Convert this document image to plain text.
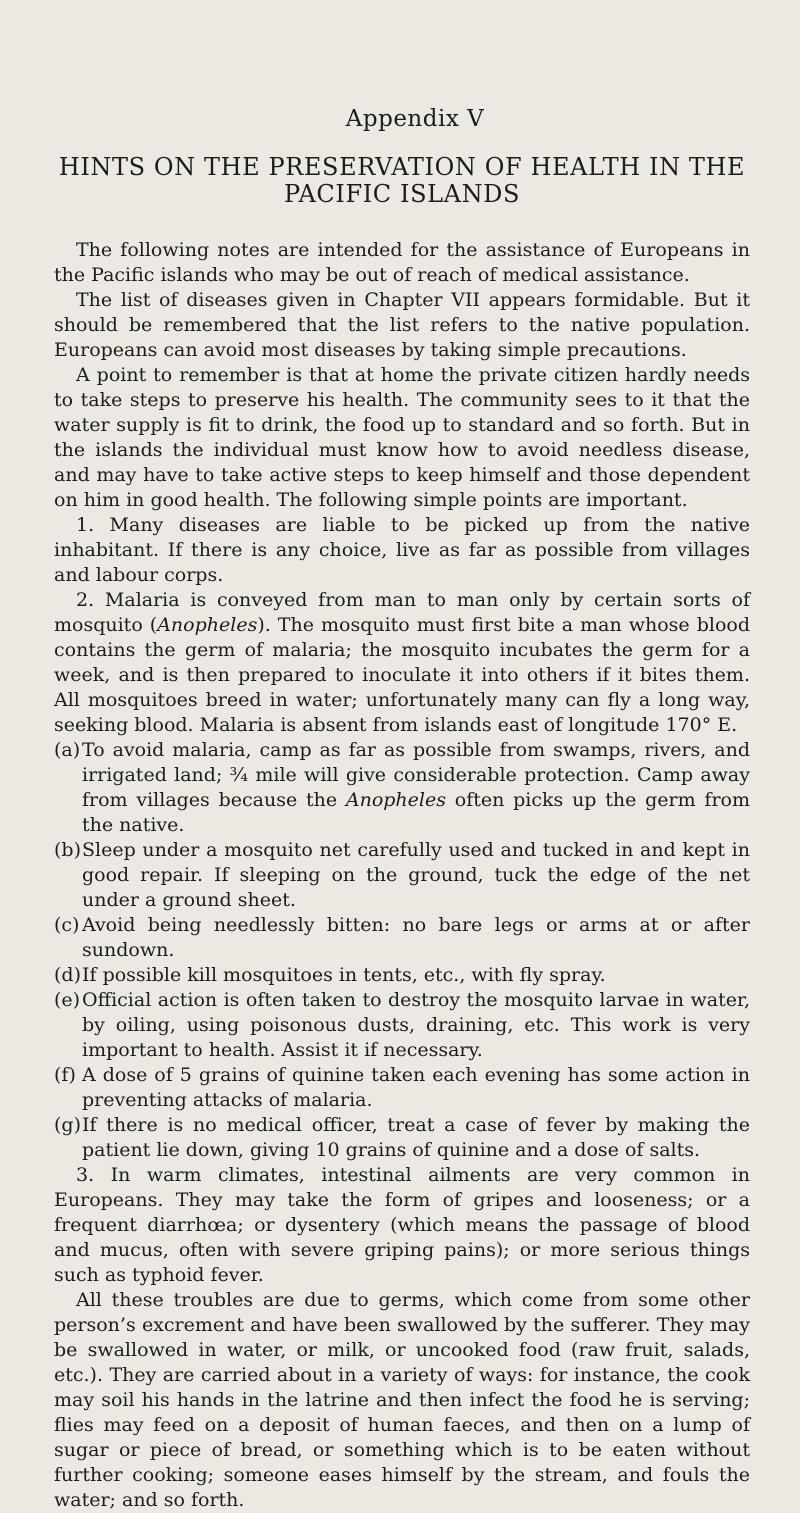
Appendix V
HINTS ON THE PRESERVATION OF HEALTH IN THE
PACIFIC ISLANDS

The following notes are intended for the assistance of Europeans in the Pacific islands who may be out of reach of medical assistance.

The list of diseases given in Chapter VII appears formidable. But it should be remembered that the list refers to the native population. Europeans can avoid most diseases by taking simple precautions.

A point to remember is that at home the private citizen hardly needs to take steps to preserve his health. The community sees to it that the water supply is fit to drink, the food up to standard and so forth. But in the islands the individual must know how to avoid needless disease, and may have to take active steps to keep himself and those dependent on him in good health. The following simple points are important.

1. Many diseases are liable to be picked up from the native inhabitant. If there is any choice, live as far as possible from villages and labour corps.

2. Malaria is conveyed from man to man only by certain sorts of mosquito (Anopheles). The mosquito must first bite a man whose blood contains the germ of malaria; the mosquito incubates the germ for a week, and is then prepared to inoculate it into others if it bites them. All mosquitoes breed in water; unfortunately many can fly a long way, seeking blood. Malaria is absent from islands east of longitude 170° E.

(a) To avoid malaria, camp as far as possible from swamps, rivers, and irrigated land; ¾ mile will give considerable protection. Camp away from villages because the Anopheles often picks up the germ from the native.
(b) Sleep under a mosquito net carefully used and tucked in and kept in good repair. If sleeping on the ground, tuck the edge of the net under a ground sheet.
(c) Avoid being needlessly bitten: no bare legs or arms at or after sundown.
(d) If possible kill mosquitoes in tents, etc., with fly spray.
(e) Official action is often taken to destroy the mosquito larvae in water, by oiling, using poisonous dusts, draining, etc. This work is very important to health. Assist it if necessary.
(f) A dose of 5 grains of quinine taken each evening has some action in preventing attacks of malaria.
(g) If there is no medical officer, treat a case of fever by making the patient lie down, giving 10 grains of quinine and a dose of salts.

3. In warm climates, intestinal ailments are very common in Europeans. They may take the form of gripes and looseness; or a frequent diarrhœa; or dysentery (which means the passage of blood and mucus, often with severe griping pains); or more serious things such as typhoid fever.

All these troubles are due to germs, which come from some other person’s excrement and have been swallowed by the sufferer. They may be swallowed in water, or milk, or uncooked food (raw fruit, salads, etc.). They are carried about in a variety of ways: for instance, the cook may soil his hands in the latrine and then infect the food he is serving; flies may feed on a deposit of human faeces, and then on a lump of sugar or piece of bread, or something which is to be eaten without further cooking; someone eases himself by the stream, and fouls the water; and so forth.
